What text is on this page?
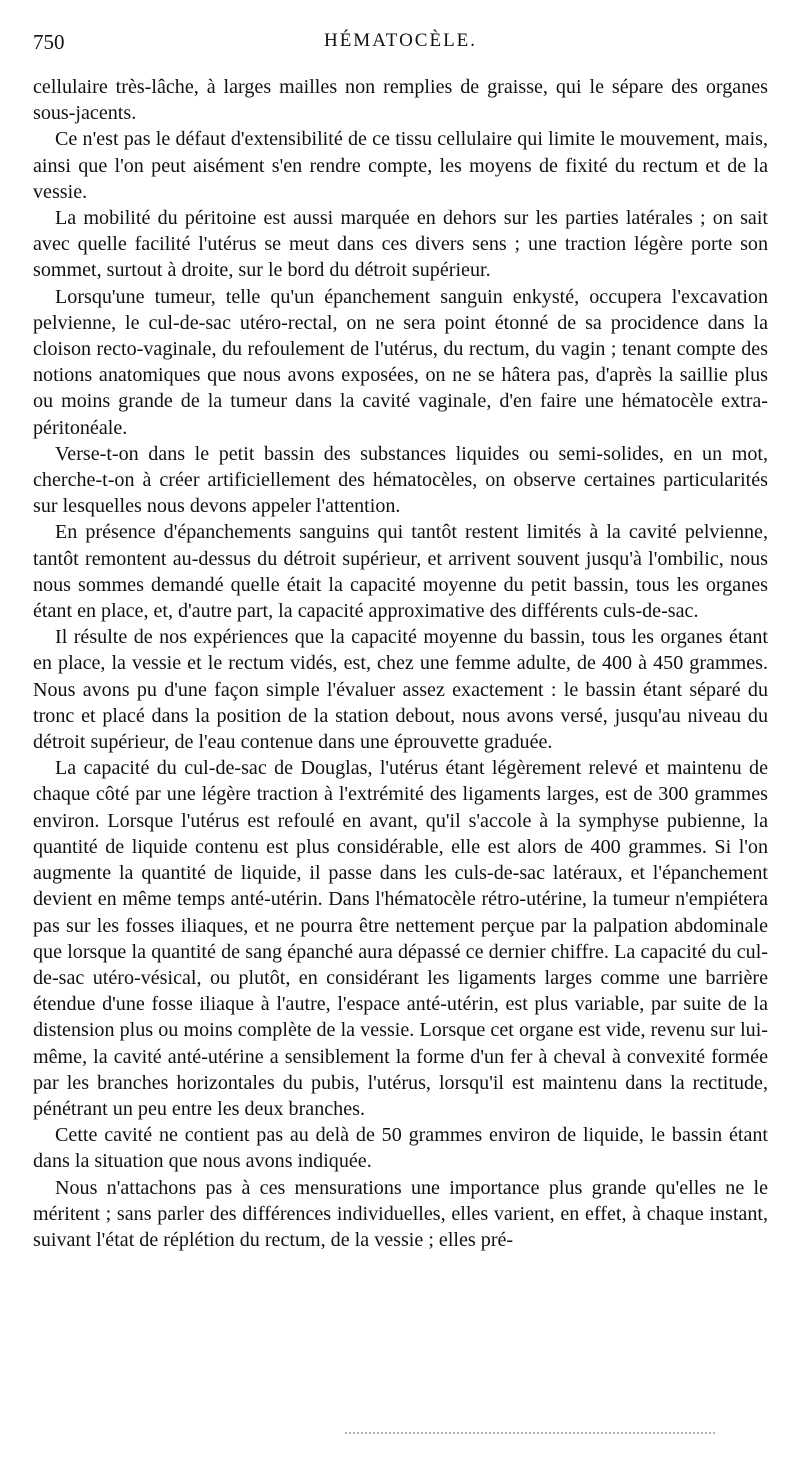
750	HÉMATOCÈLE.

cellulaire très-lâche, à larges mailles non remplies de graisse, qui le sépare des organes sous-jacents.

Ce n'est pas le défaut d'extensibilité de ce tissu cellulaire qui limite le mouvement, mais, ainsi que l'on peut aisément s'en rendre compte, les moyens de fixité du rectum et de la vessie.

La mobilité du péritoine est aussi marquée en dehors sur les parties latérales ; on sait avec quelle facilité l'utérus se meut dans ces divers sens ; une traction légère porte son sommet, surtout à droite, sur le bord du détroit supérieur.

Lorsqu'une tumeur, telle qu'un épanchement sanguin enkysté, occupera l'excavation pelvienne, le cul-de-sac utéro-rectal, on ne sera point étonné de sa procidence dans la cloison recto-vaginale, du refoulement de l'utérus, du rectum, du vagin ; tenant compte des notions anatomiques que nous avons exposées, on ne se hâtera pas, d'après la saillie plus ou moins grande de la tumeur dans la cavité vaginale, d'en faire une hématocèle extra-péritonéale.

Verse-t-on dans le petit bassin des substances liquides ou semi-solides, en un mot, cherche-t-on à créer artificiellement des hématocèles, on observe certaines particularités sur lesquelles nous devons appeler l'attention.

En présence d'épanchements sanguins qui tantôt restent limités à la cavité pelvienne, tantôt remontent au-dessus du détroit supérieur, et arrivent souvent jusqu'à l'ombilic, nous nous sommes demandé quelle était la capacité moyenne du petit bassin, tous les organes étant en place, et, d'autre part, la capacité approximative des différents culs-de-sac.

Il résulte de nos expériences que la capacité moyenne du bassin, tous les organes étant en place, la vessie et le rectum vidés, est, chez une femme adulte, de 400 à 450 grammes. Nous avons pu d'une façon simple l'évaluer assez exactement : le bassin étant séparé du tronc et placé dans la position de la station debout, nous avons versé, jusqu'au niveau du détroit supérieur, de l'eau contenue dans une éprouvette graduée.

La capacité du cul-de-sac de Douglas, l'utérus étant légèrement relevé et maintenu de chaque côté par une légère traction à l'extrémité des ligaments larges, est de 300 grammes environ. Lorsque l'utérus est refoulé en avant, qu'il s'accole à la symphyse pubienne, la quantité de liquide contenu est plus considérable, elle est alors de 400 grammes. Si l'on augmente la quantité de liquide, il passe dans les culs-de-sac latéraux, et l'épanchement devient en même temps anté-utérin. Dans l'hématocèle rétro-utérine, la tumeur n'empiétera pas sur les fosses iliaques, et ne pourra être nettement perçue par la palpation abdominale que lorsque la quantité de sang épanché aura dépassé ce dernier chiffre. La capacité du cul-de-sac utéro-vésical, ou plutôt, en considérant les ligaments larges comme une barrière étendue d'une fosse iliaque à l'autre, l'espace anté-utérin, est plus variable, par suite de la distension plus ou moins complète de la vessie. Lorsque cet organe est vide, revenu sur lui-même, la cavité anté-utérine a sensiblement la forme d'un fer à cheval à convexité formée par les branches horizontales du pubis, l'utérus, lorsqu'il est maintenu dans la rectitude, pénétrant un peu entre les deux branches.

Cette cavité ne contient pas au delà de 50 grammes environ de liquide, le bassin étant dans la situation que nous avons indiquée.

Nous n'attachons pas à ces mensurations une importance plus grande qu'elles ne le méritent ; sans parler des différences individuelles, elles varient, en effet, à chaque instant, suivant l'état de réplétion du rectum, de la vessie ; elles pré-
